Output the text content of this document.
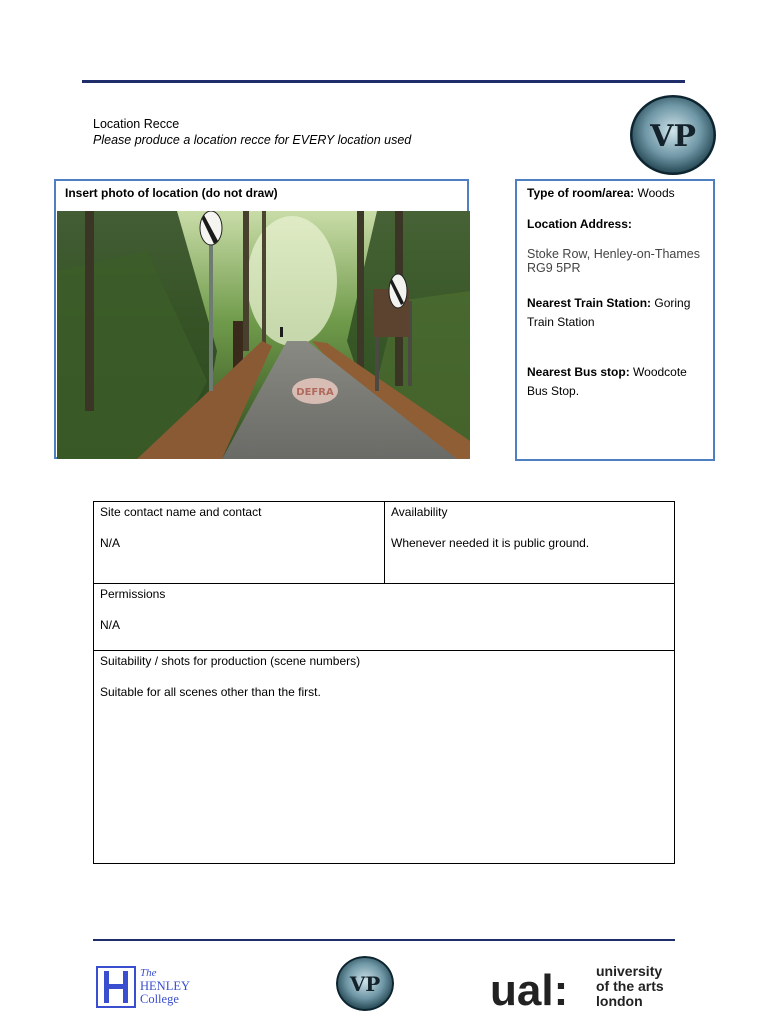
Location Recce
Please produce a location recce for EVERY location used	VP
Insert photo of location (do not draw)
DEFRA
Type of room/area: Woods
Location Address:
Stoke Row, Henley-on-Thames RG9 5PR
Nearest Train Station: Goring Train Station
Nearest Bus stop: Woodcote Bus Stop.
Site contact name and contact
N/A

Availability
Whenever needed it is public ground.

Permissions
N/A

Suitability / shots for production (scene numbers)
Suitable for all scenes other than the first.
The
HENLEY
College
VP ual: university
of the arts
london
